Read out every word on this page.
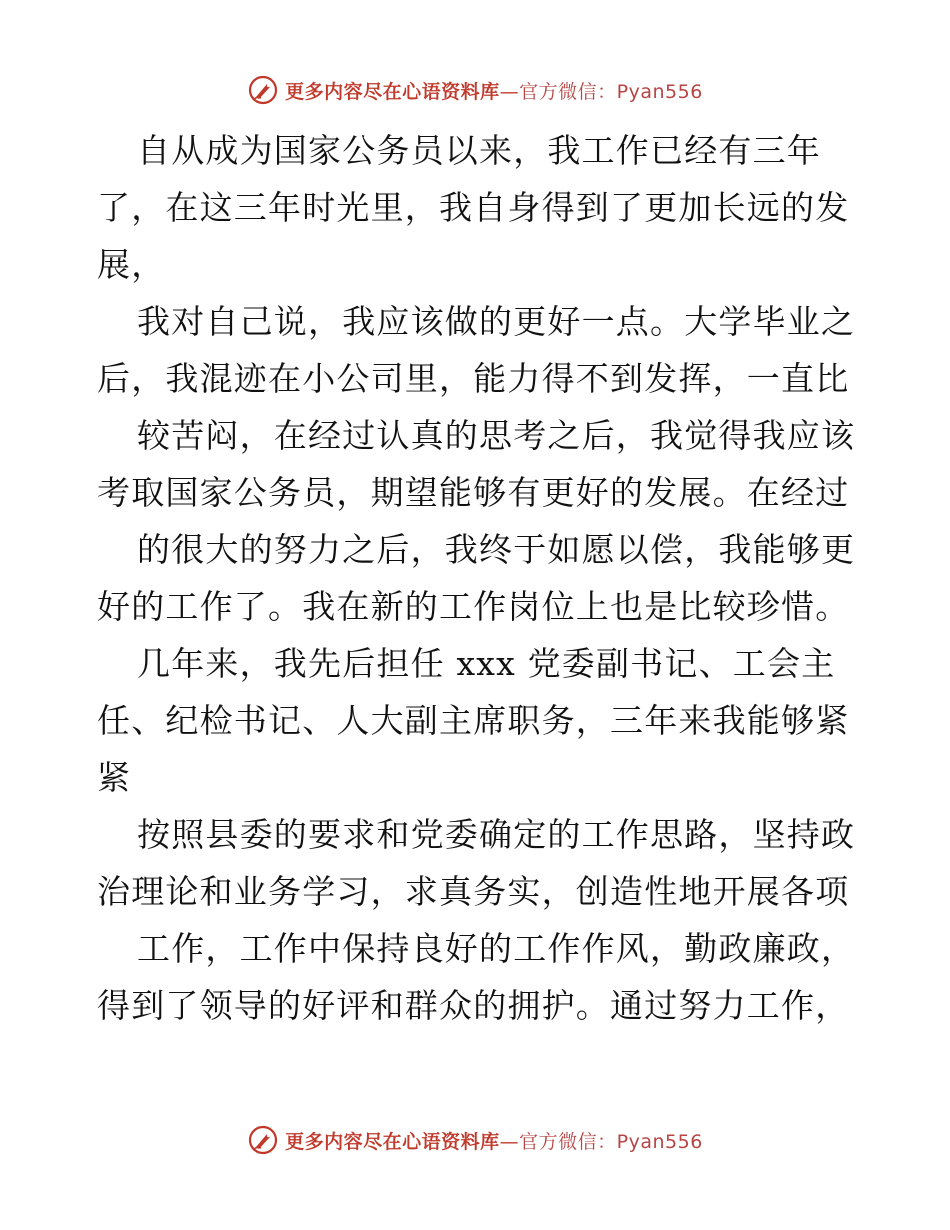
更多内容尽在心语资料库—官方微信：Pyan556
自从成为国家公务员以来，我工作已经有三年
了，在这三年时光里，我自身得到了更加长远的发
展，
我对自己说，我应该做的更好一点。大学毕业之
后，我混迹在小公司里，能力得不到发挥，一直比
较苦闷，在经过认真的思考之后，我觉得我应该
考取国家公务员，期望能够有更好的发展。在经过
的很大的努力之后，我终于如愿以偿，我能够更
好的工作了。我在新的工作岗位上也是比较珍惜。
几年来，我先后担任 xxx 党委副书记、工会主
任、纪检书记、人大副主席职务，三年来我能够紧
紧
按照县委的要求和党委确定的工作思路，坚持政
治理论和业务学习，求真务实，创造性地开展各项
工作，工作中保持良好的工作作风，勤政廉政，
得到了领导的好评和群众的拥护。通过努力工作，
更多内容尽在心语资料库—官方微信：Pyan556
